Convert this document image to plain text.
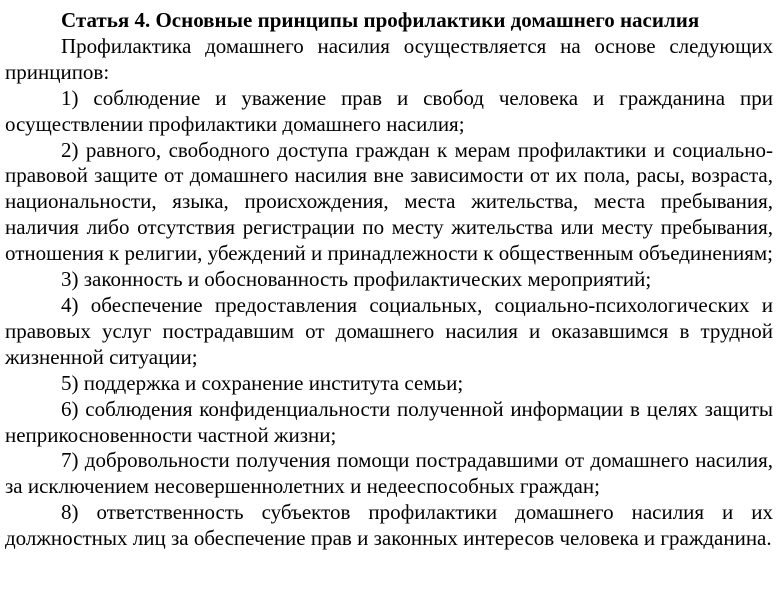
Статья 4. Основные принципы профилактики домашнего насилия

Профилактика домашнего насилия осуществляется на основе следующих принципов:

1) соблюдение и уважение прав и свобод человека и гражданина при осуществлении профилактики домашнего насилия;

2) равного, свободного доступа граждан к мерам профилактики и социально-правовой защите от домашнего насилия вне зависимости от их пола, расы, возраста, национальности, языка, происхождения, места жительства, места пребывания, наличия либо отсутствия регистрации по месту жительства или месту пребывания, отношения к религии, убеждений и принадлежности к общественным объединениям;

3) законность и обоснованность профилактических мероприятий;

4) обеспечение предоставления социальных, социально-психологических и правовых услуг пострадавшим от домашнего насилия и оказавшимся в трудной жизненной ситуации;

5) поддержка и сохранение института семьи;

6) соблюдения конфиденциальности полученной информации в целях защиты неприкосновенности частной жизни;

7) добровольности получения помощи пострадавшими от домашнего насилия, за исключением несовершеннолетних и недееспособных граждан;

8) ответственность субъектов профилактики домашнего насилия и их должностных лиц за обеспечение прав и законных интересов человека и гражданина.
